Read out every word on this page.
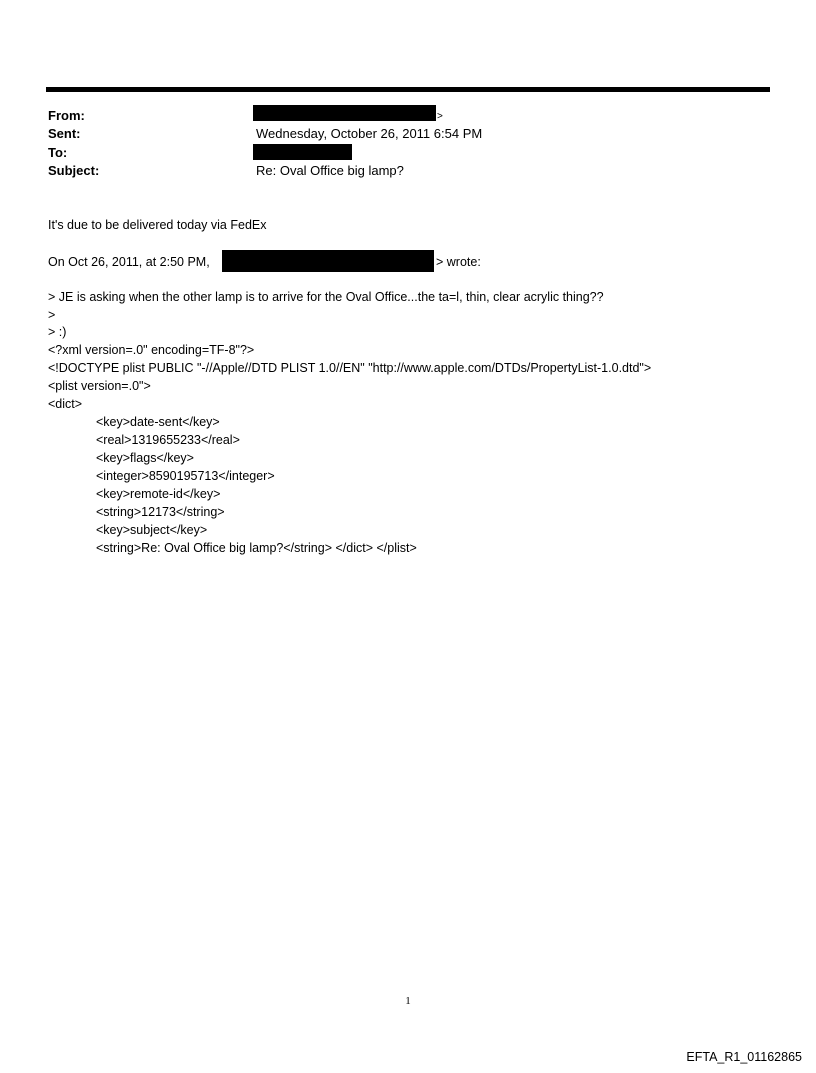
From:	>
Sent:	Wednesday, October 26, 2011 6:54 PM
To:
Subject:	Re: Oval Office big lamp?
It's due to be delivered today via FedEx
On Oct 26, 2011, at 2:50 PM,	> wrote:
> JE is asking when the other lamp is to arrive for the Oval Office...the ta=l, thin, clear acrylic thing??
>
> :)
<?xml version=.0" encoding=TF-8"?>
<!DOCTYPE plist PUBLIC "-//Apple//DTD PLIST 1.0//EN" "http://www.apple.com/DTDs/PropertyList-1.0.dtd">
<plist version=.0">
<dict>
<key>date-sent</key>
<real>1319655233</real>
<key>flags</key>
<integer>8590195713</integer>
<key>remote-id</key>
<string>12173</string>
<key>subject</key>
<string>Re: Oval Office big lamp?</string> </dict> </plist>
1
EFTA_R1_01162865
